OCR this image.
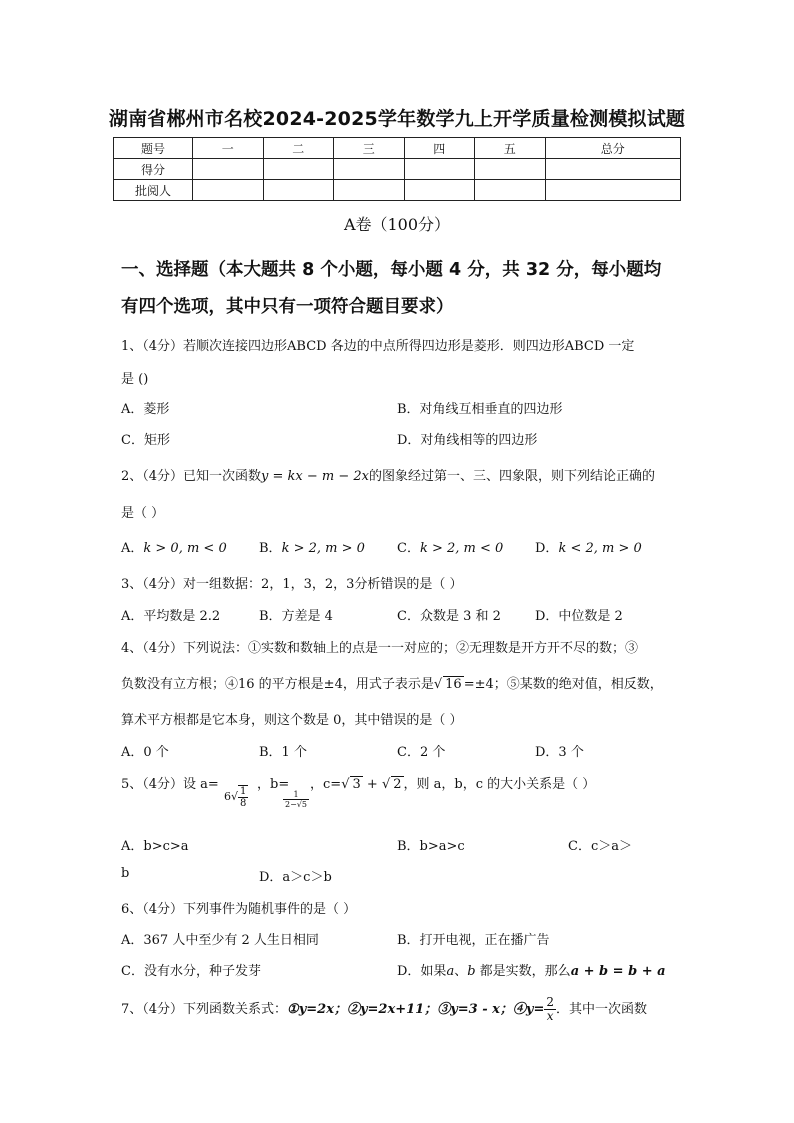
湖南省郴州市名校2024-2025学年数学九上开学质量检测模拟试题
题号	一	二	三	四	五	总分
得分						
批阅人						
A卷（100分）
一、选择题（本大题共 8 个小题，每小题 4 分，共 32 分，每小题均
有四个选项，其中只有一项符合题目要求）
1、（4分）若顺次连接四边形ABCD 各边的中点所得四边形是菱形．则四边形ABCD 一定
是 ()
A．菱形	B．对角线互相垂直的四边形
C．矩形	D．对角线相等的四边形
2、（4分）已知一次函数y = kx − m − 2x的图象经过第一、三、四象限，则下列结论正确的
是（ ）
A．k > 0, m < 0 B．k > 2, m > 0 C．k > 2, m < 0 D．k < 2, m > 0
3、（4分）对一组数据：2，1，3，2，3分析错误的是（ ）
A．平均数是 2.2	B．方差是 4	C．众数是 3 和 2	D．中位数是 2
4、（4分）下列说法：①实数和数轴上的点是一一对应的；②无理数是开方开不尽的数；③
负数没有立方根；④16 的平方根是±4，用式子表示是√ 16 =±4；⑤某数的绝对值，相反数，
算术平方根都是它本身，则这个数是 0，其中错误的是（ ）
A．0 个	B．1 个	C．2 个	D．3 个
5、（4分）设 a=
$6√ \frac{1}{8}$
，b=
$\frac{1}{2-√5}$
，c=√ 3 + √ 2 ，则 a，b，c 的大小关系是（ ）
A．b>c>a	B．b>a>c	C．c＞a＞
b	D．a＞c＞b
6、（4分）下列事件为随机事件的是（ ）
A．367 人中至少有 2 人生日相同	B．打开电视，正在播广告
C．没有水分，种子发芽	D．如果a、b 都是实数，那么a + b = b + a
7、（4分）下列函数关系式：①y=2x；②y=2x+11；③y=3 - x；④y= $\frac{2}{x}$ ．其中一次函数
